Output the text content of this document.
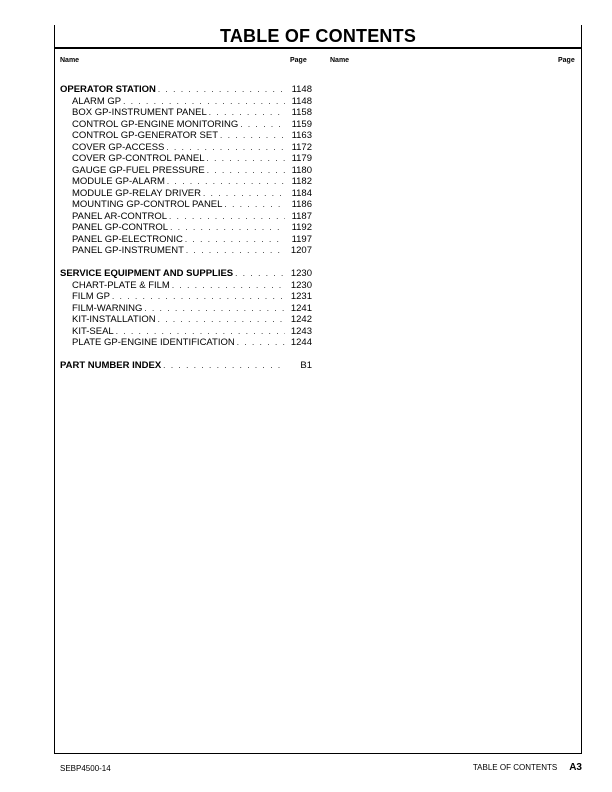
TABLE OF CONTENTS
Name	Page	Name	Page
OPERATOR STATION . . .	1148
ALARM GP . . .	1148
BOX GP-INSTRUMENT PANEL . . .	1158
CONTROL GP-ENGINE MONITORING . . .	1159
CONTROL GP-GENERATOR SET . . .	1163
COVER GP-ACCESS . . .	1172
COVER GP-CONTROL PANEL . . .	1179
GAUGE GP-FUEL PRESSURE . . .	1180
MODULE GP-ALARM . . .	1182
MODULE GP-RELAY DRIVER . . .	1184
MOUNTING GP-CONTROL PANEL . . .	1186
PANEL AR-CONTROL . . .	1187
PANEL GP-CONTROL . . .	1192
PANEL GP-ELECTRONIC . . .	1197
PANEL GP-INSTRUMENT . . .	1207
SERVICE EQUIPMENT AND SUPPLIES . . .	1230
CHART-PLATE & FILM . . .	1230
FILM GP . . .	1231
FILM-WARNING . . .	1241
KIT-INSTALLATION . . .	1242
KIT-SEAL . . .	1243
PLATE GP-ENGINE IDENTIFICATION . . .	1244
PART NUMBER INDEX . . .	B1
SEBP4500-14	TABLE OF CONTENTS A3
